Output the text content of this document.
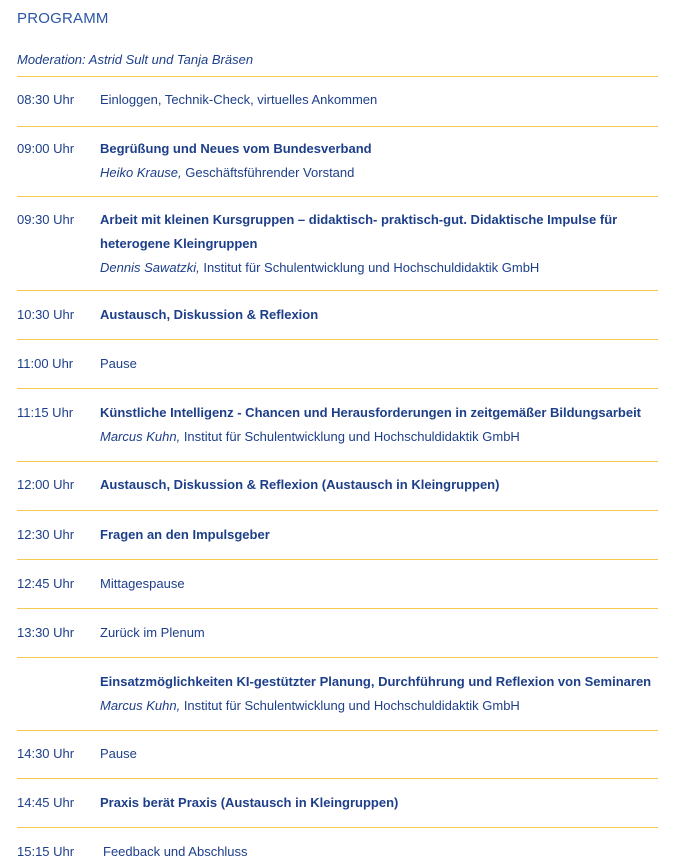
PROGRAMM
Moderation: Astrid Sult und Tanja Bräsen
08:30 Uhr Einloggen, Technik-Check, virtuelles Ankommen
09:00 Uhr Begrüßung und Neues vom Bundesverband
Heiko Krause, Geschäftsführender Vorstand
09:30 Uhr Arbeit mit kleinen Kursgruppen – didaktisch- praktisch-gut. Didaktische Impulse für
heterogene Kleingruppen
Dennis Sawatzki, Institut für Schulentwicklung und Hochschuldidaktik GmbH
10:30 Uhr Austausch, Diskussion & Reflexion
11:00 Uhr Pause
11:15 Uhr Künstliche Intelligenz - Chancen und Herausforderungen in zeitgemäßer Bildungsarbeit
Marcus Kuhn, Institut für Schulentwicklung und Hochschuldidaktik GmbH
12:00 Uhr Austausch, Diskussion & Reflexion (Austausch in Kleingruppen)
12:30 Uhr Fragen an den Impulsgeber
12:45 Uhr Mittagespause
13:30 Uhr Zurück im Plenum
Einsatzmöglichkeiten KI-gestützter Planung, Durchführung und Reflexion von Seminaren
Marcus Kuhn, Institut für Schulentwicklung und Hochschuldidaktik GmbH
14:30 Uhr Pause
14:45 Uhr Praxis berät Praxis (Austausch in Kleingruppen)
15:15 Uhr Feedback und Abschluss
